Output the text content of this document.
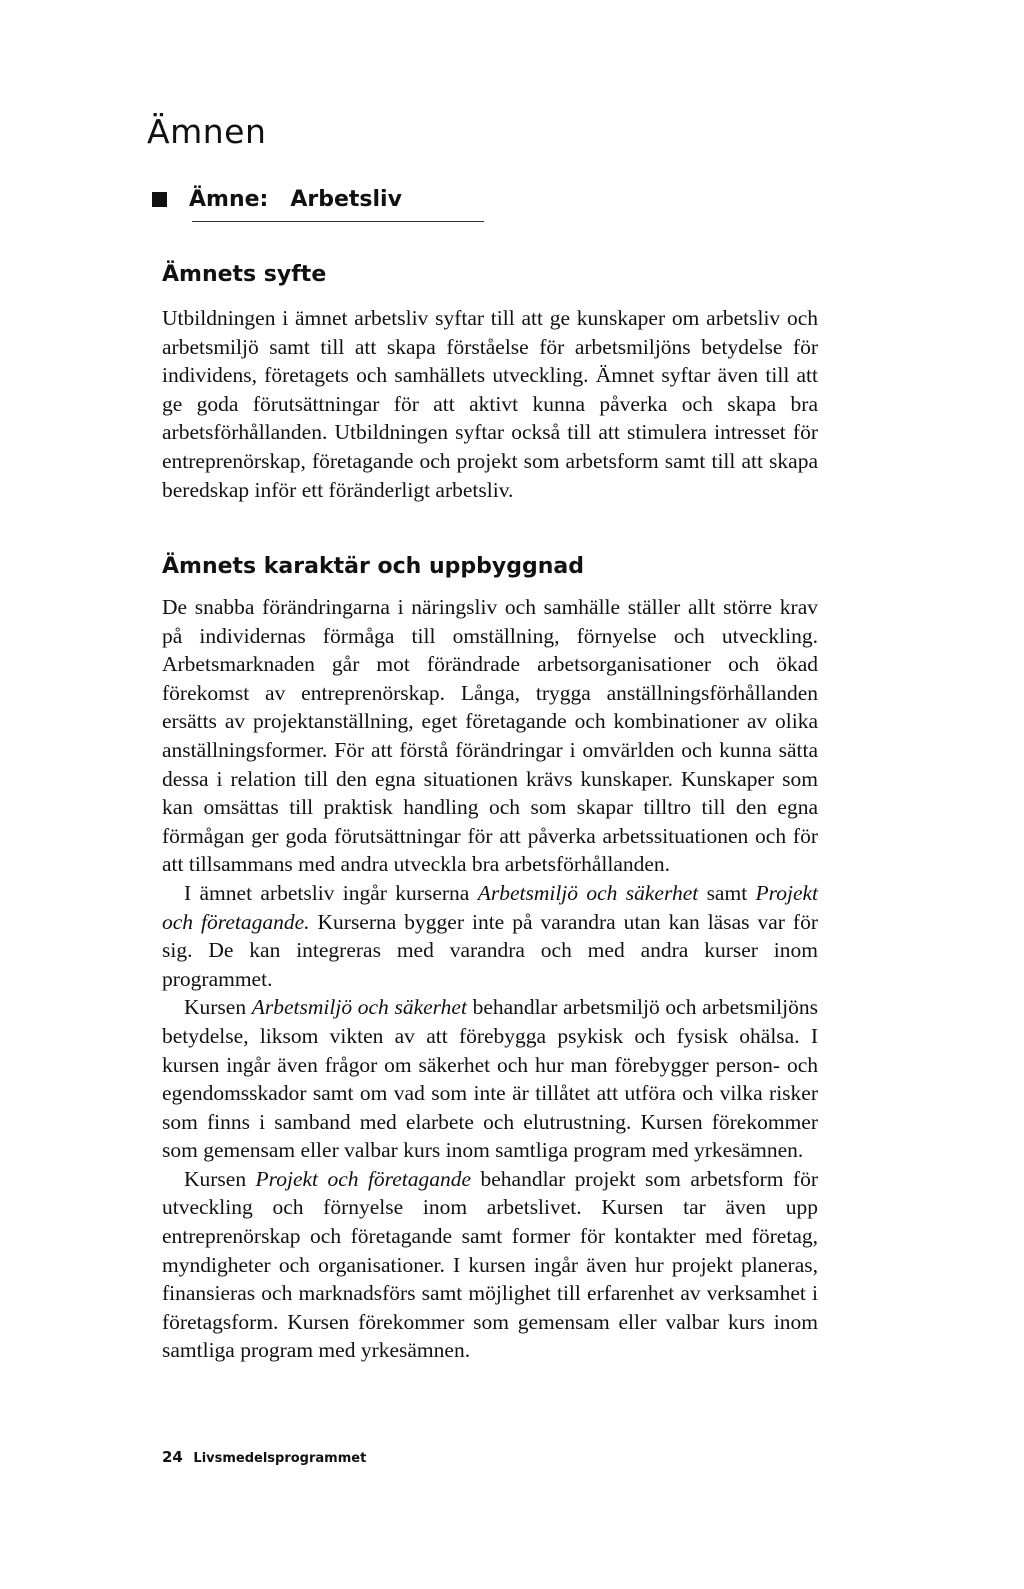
Ämnen
Ämne: Arbetsliv
Ämnets syfte

Utbildningen i ämnet arbetsliv syftar till att ge kunskaper om arbetsliv och arbetsmiljö samt till att skapa förståelse för arbetsmiljöns betydelse för individens, företagets och samhällets utveckling. Ämnet syftar även till att ge goda förutsättningar för att aktivt kunna påverka och skapa bra arbetsförhållanden. Utbildningen syftar också till att stimulera intresset för entreprenörskap, företagande och projekt som arbetsform samt till att skapa beredskap inför ett föränderligt arbetsliv.

Ämnets karaktär och uppbyggnad

De snabba förändringarna i näringsliv och samhälle ställer allt större krav på individernas förmåga till omställning, förnyelse och utveckling. Arbetsmarknaden går mot förändrade arbetsorganisationer och ökad förekomst av entreprenörskap. Långa, trygga anställningsförhållanden ersätts av projektanställning, eget företagande och kombinationer av olika anställningsformer. För att förstå förändringar i omvärlden och kunna sätta dessa i relation till den egna situationen krävs kunskaper. Kunskaper som kan omsättas till praktisk handling och som skapar tilltro till den egna förmågan ger goda förutsättningar för att påverka arbetssituationen och för att tillsammans med andra utveckla bra arbetsförhållanden.

I ämnet arbetsliv ingår kurserna Arbetsmiljö och säkerhet samt Projekt och företagande. Kurserna bygger inte på varandra utan kan läsas var för sig. De kan integreras med varandra och med andra kurser inom programmet.

Kursen Arbetsmiljö och säkerhet behandlar arbetsmiljö och arbetsmiljöns betydelse, liksom vikten av att förebygga psykisk och fysisk ohälsa. I kursen ingår även frågor om säkerhet och hur man förebygger person- och egendomsskador samt om vad som inte är tillåtet att utföra och vilka risker som finns i samband med elarbete och elutrustning. Kursen förekommer som gemensam eller valbar kurs inom samtliga program med yrkesämnen.

Kursen Projekt och företagande behandlar projekt som arbetsform för utveckling och förnyelse inom arbetslivet. Kursen tar även upp entreprenörskap och företagande samt former för kontakter med företag, myndigheter och organisationer. I kursen ingår även hur projekt planeras, finansieras och marknadsförs samt möjlighet till erfarenhet av verksamhet i företagsform. Kursen förekommer som gemensam eller valbar kurs inom samtliga program med yrkesämnen.

24 Livsmedelsprogrammet
